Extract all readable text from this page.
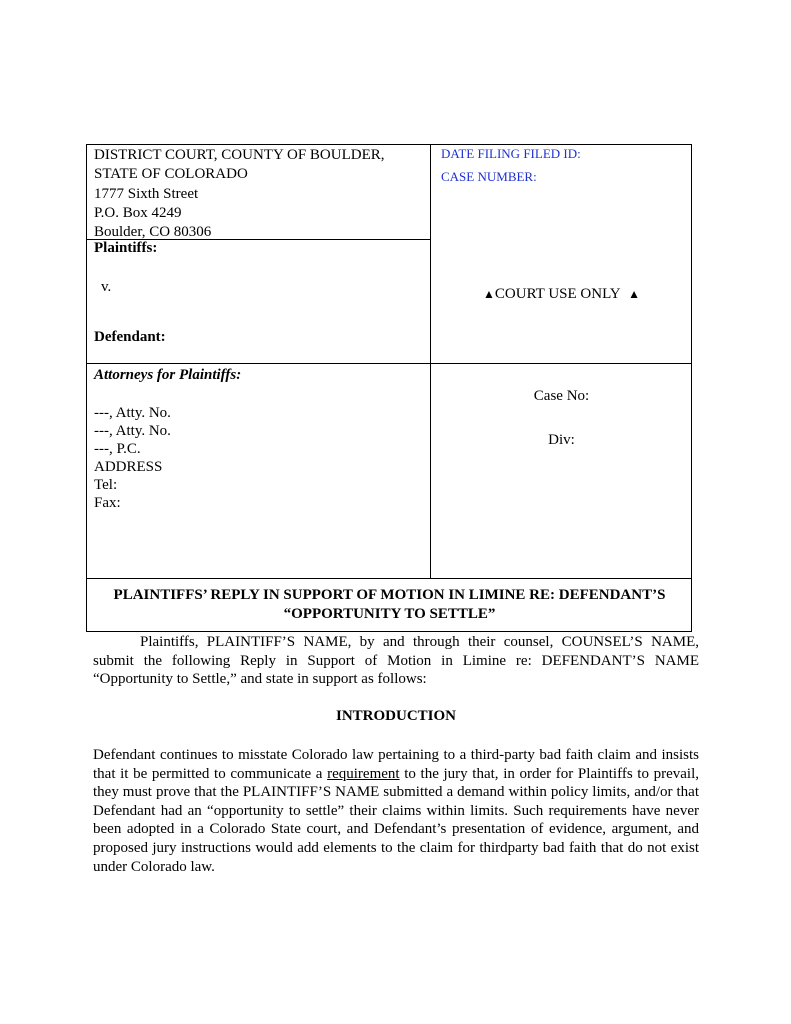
DISTRICT COURT, COUNTY OF BOULDER,
STATE OF COLORADO
1777 Sixth Street
P.O. Box 4249
Boulder, CO 80306
Plaintiffs:
v.
Defendant:
DATE FILING FILED ID:
CASE NUMBER:
▲COURT USE ONLY ▲
Attorneys for Plaintiffs:
---, Atty. No.
---, Atty. No.
---, P.C.
ADDRESS
Tel:
Fax:
Case No:
Div:
PLAINTIFFS’ REPLY IN SUPPORT OF MOTION IN LIMINE RE: DEFENDANT’S
“OPPORTUNITY TO SETTLE”
Plaintiffs, PLAINTIFF’S NAME, by and through their counsel, COUNSEL’S NAME, submit the following Reply in Support of Motion in Limine re: DEFENDANT’S NAME “Opportunity to Settle,” and state in support as follows:
INTRODUCTION
Defendant continues to misstate Colorado law pertaining to a third-party bad faith claim and insists that it be permitted to communicate a requirement to the jury that, in order for Plaintiffs to prevail, they must prove that the PLAINTIFF’S NAME submitted a demand within policy limits, and/or that Defendant had an “opportunity to settle” their claims within limits. Such requirements have never been adopted in a Colorado State court, and Defendant’s presentation of evidence, argument, and proposed jury instructions would add elements to the claim for thirdparty bad faith that do not exist under Colorado law.
